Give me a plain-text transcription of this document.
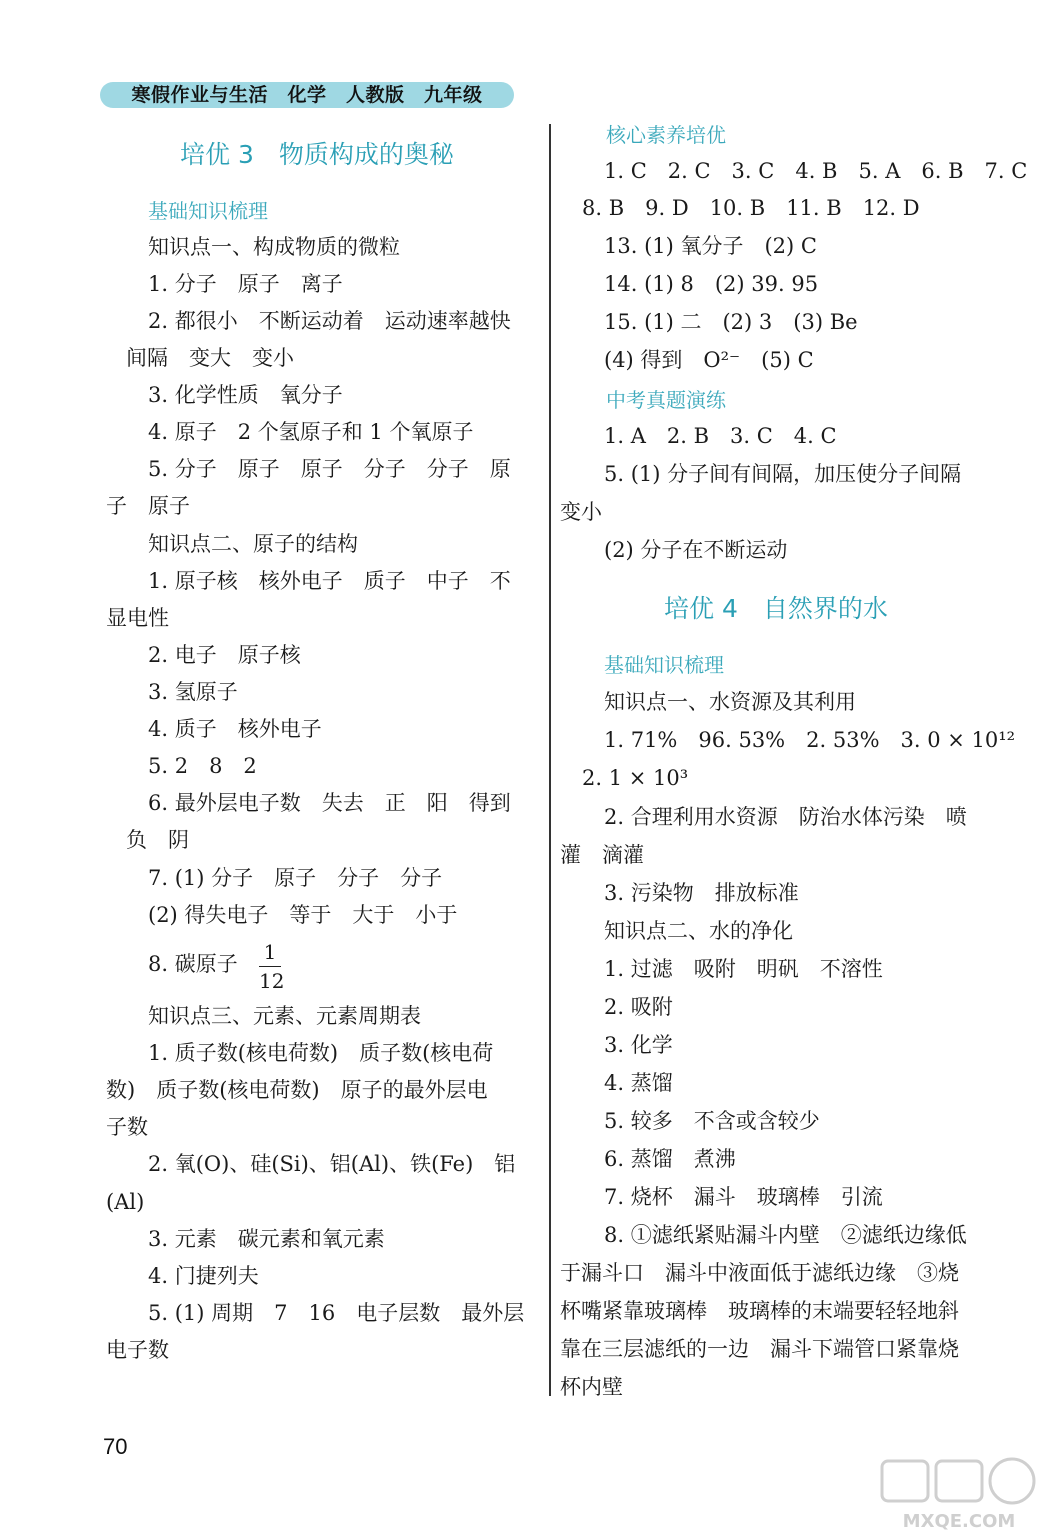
寒假作业与生活　化学　人教版　九年级
培优 3　物质构成的奥秘
基础知识梳理
知识点一、构成物质的微粒
1. 分子　原子　离子
2. 都很小　不断运动着　运动速率越快
间隔　变大　变小
3. 化学性质　氧分子
4. 原子　2 个氢原子和 1 个氧原子
5. 分子　原子　原子　分子　分子　原
子　原子
知识点二、原子的结构
1. 原子核　核外电子　质子　中子　不
显电性
2. 电子　原子核
3. 氢原子
4. 质子　核外电子
5. 2　8　2
6. 最外层电子数　失去　正　阳　得到
负　阴
7. (1) 分子　原子　分子　分子
(2) 得失电子　等于　大于　小于
8. 碳原子 1
12
知识点三、元素、元素周期表
1. 质子数(核电荷数)　质子数(核电荷
数)　质子数(核电荷数)　原子的最外层电
子数
2. 氧(O)、硅(Si)、铝(Al)、铁(Fe)　铝
(Al)
3. 元素　碳元素和氧元素
4. 门捷列夫
5. (1) 周期　7　16　电子层数　最外层
电子数
核心素养培优
1. C　2. C　3. C　4. B　5. A　6. B　7. C
8. B　9. D　10. B　11. B　12. D
13. (1) 氧分子　(2) C
14. (1) 8　(2) 39. 95
15. (1) 二　(2) 3　(3) Be
(4) 得到　O²⁻　(5) C
中考真题演练
1. A　2. B　3. C　4. C
5. (1) 分子间有间隔，加压使分子间隔
变小
(2) 分子在不断运动
培优 4　自然界的水
基础知识梳理
知识点一、水资源及其利用
1. 71%　96. 53%　2. 53%　3. 0 × 10¹²
2. 1 × 10³
2. 合理利用水资源　防治水体污染　喷
灌　滴灌
3. 污染物　排放标准
知识点二、水的净化
1. 过滤　吸附　明矾　不溶性
2. 吸附
3. 化学
4. 蒸馏
5. 较多　不含或含较少
6. 蒸馏　煮沸
7. 烧杯　漏斗　玻璃棒　引流
8. ①滤纸紧贴漏斗内壁　②滤纸边缘低
于漏斗口　漏斗中液面低于滤纸边缘　③烧
杯嘴紧靠玻璃棒　玻璃棒的末端要轻轻地斜
靠在三层滤纸的一边　漏斗下端管口紧靠烧
杯内壁
70
MXQE.COM
